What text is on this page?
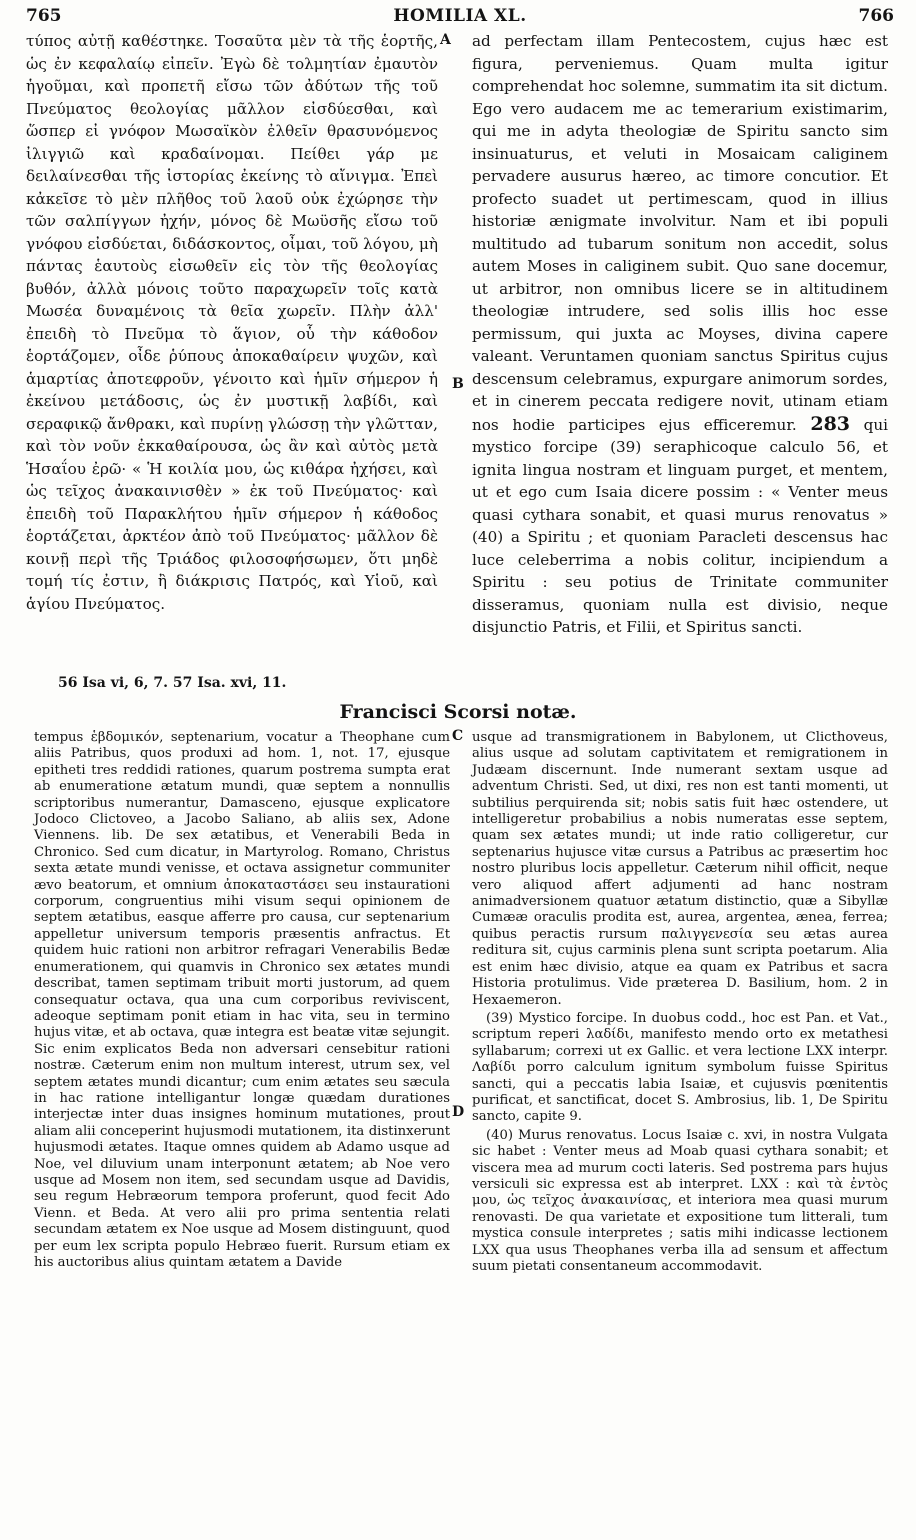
765	HOMILIA XL.	766

τύπος αὐτῇ καθέστηκε. Τοσαῦτα μὲν τὰ τῆς ἑορτῆς, ὡς ἐν κεφαλαίῳ εἰπεῖν. Ἐγὼ δὲ τολμητίαν ἐμαυτὸν ἡγοῦμαι, καὶ προπετῆ εἴσω τῶν ἀδύτων τῆς τοῦ Πνεύματος θεολογίας μᾶλλον εἰσδύεσθαι, καὶ ὥσπερ εἰ γνόφον Μωσαϊκὸν ἐλθεῖν θρασυνόμενος ἰλιγγιῶ καὶ κραδαίνομαι. Πείθει γάρ με δειλαίνεσθαι τῆς ἱστορίας ἐκείνης τὸ αἴνιγμα. Ἐπεὶ κἀκεῖσε τὸ μὲν πλῆθος τοῦ λαοῦ οὐκ ἐχώρησε τὴν τῶν σαλπίγγων ἠχήν, μόνος δὲ Μωϋσῆς εἴσω τοῦ γνόφου εἰσδύεται, διδάσκοντος, οἶμαι, τοῦ λόγου, μὴ πάντας ἑαυτοὺς εἰσωθεῖν εἰς τὸν τῆς θεολογίας βυθόν, ἀλλὰ μόνοις τοῦτο παραχωρεῖν τοῖς κατὰ Μωσέα δυναμένοις τὰ θεῖα χωρεῖν. Πλὴν ἀλλ' ἐπειδὴ τὸ Πνεῦμα τὸ ἅγιον, οὗ τὴν κάθοδον ἑορτάζομεν, οἶδε ῥύπους ἀποκαθαίρειν ψυχῶν, καὶ ἁμαρτίας ἀποτεφροῦν, γένοιτο καὶ ἡμῖν σήμερον ἡ ἐκείνου μετάδοσις, ὡς ἐν μυστικῇ λαβίδι, καὶ σεραφικῷ ἄνθρακι, καὶ πυρίνῃ γλώσσῃ τὴν γλῶτταν, καὶ τὸν νοῦν ἐκκαθαίρουσα, ὡς ἂν καὶ αὐτὸς μετὰ Ἡσαΐου ἐρῶ· « Ἡ κοιλία μου, ὡς κιθάρα ἠχήσει, καὶ ὡς τεῖχος ἀνακαινισθὲν » ἐκ τοῦ Πνεύματος· καὶ ἐπειδὴ τοῦ Παρακλήτου ἡμῖν σήμερον ἡ κάθοδος ἑορτάζεται, ἀρκτέον ἀπὸ τοῦ Πνεύματος· μᾶλλον δὲ κοινῇ περὶ τῆς Τριάδος φιλοσοφήσωμεν, ὅτι μηδὲ τομή τίς ἐστιν, ἢ διάκρισις Πατρός, καὶ Υἱοῦ, καὶ ἁγίου Πνεύματος.

A
B

ad perfectam illam Pentecostem, cujus hæc est figura, perveniemus. Quam multa igitur comprehendat hoc solemne, summatim ita sit dictum. Ego vero audacem me ac temerarium existimarim, qui me in adyta theologiæ de Spiritu sancto sim insinuaturus, et veluti in Mosaicam caliginem pervadere ausurus hæreo, ac timore concutior. Et profecto suadet ut pertimescam, quod in illius historiæ ænigmate involvitur. Nam et ibi populi multitudo ad tubarum sonitum non accedit, solus autem Moses in caliginem subit. Quo sane docemur, ut arbitror, non omnibus licere se in altitudinem theologiæ intrudere, sed solis illis hoc esse permissum, qui juxta ac Moyses, divina capere valeant. Veruntamen quoniam sanctus Spiritus cujus descensum celebramus, expurgare animorum sordes, et in cinerem peccata redigere novit, utinam etiam nos hodie participes ejus efficeremur. 283 qui mystico forcipe (39) seraphicoque calculo 56, et ignita lingua nostram et linguam purget, et mentem, ut et ego cum Isaia dicere possim : « Venter meus quasi cythara sonabit, et quasi murus renovatus » (40) a Spiritu ; et quoniam Paracleti descensus hac luce celeberrima a nobis colitur, incipiendum a Spiritu : seu potius de Trinitate communiter disseramus, quoniam nulla est divisio, neque disjunctio Patris, et Filii, et Spiritus sancti.

56 Isa vi, 6, 7. 57 Isa. xvi, 11.
Francisci Scorsi notæ.
C
D

tempus ἑβδομικόν, septenarium, vocatur a Theophane cum aliis Patribus, quos produxi ad hom. 1, not. 17, ejusque epitheti tres reddidi rationes, quarum postrema sumpta erat ab enumeratione ætatum mundi, quæ septem a nonnullis scriptoribus numerantur, Damasceno, ejusque explicatore Jodoco Clictoveo, a Jacobo Saliano, ab aliis sex, Adone Viennens. lib. De sex ætatibus, et Venerabili Beda in Chronico. Sed cum dicatur, in Martyrolog. Romano, Christus sexta ætate mundi venisse, et octava assignetur communiter ævo beatorum, et omnium ἀποκαταστάσει seu instaurationi corporum, congruentius mihi visum sequi opinionem de septem ætatibus, easque afferre pro causa, cur septenarium appelletur universum temporis præsentis anfractus. Et quidem huic rationi non arbitror refragari Venerabilis Bedæ enumerationem, qui quamvis in Chronico sex ætates mundi describat, tamen septimam tribuit morti justorum, ad quem consequatur octava, qua una cum corporibus reviviscent, adeoque septimam ponit etiam in hac vita, seu in termino hujus vitæ, et ab octava, quæ integra est beatæ vitæ sejungit. Sic enim explicatos Beda non adversari censebitur rationi nostræ. Cæterum enim non multum interest, utrum sex, vel septem ætates mundi dicantur; cum enim ætates seu sæcula in hac ratione intelligantur longæ quædam durationes interjectæ inter duas insignes hominum mutationes, prout aliam alii conceperint hujusmodi mutationem, ita distinxerunt hujusmodi ætates. Itaque omnes quidem ab Adamo usque ad Noe, vel diluvium unam interponunt ætatem; ab Noe vero usque ad Mosem non item, sed secundam usque ad Davidis, seu regum Hebræorum tempora proferunt, quod fecit Ado Vienn. et Beda. At vero alii pro prima sententia relati secundam ætatem ex Noe usque ad Mosem distinguunt, quod per eum lex scripta populo Hebræo fuerit. Rursum etiam ex his auctoribus alius quintam ætatem a Davide

usque ad transmigrationem in Babylonem, ut Clicthoveus, alius usque ad solutam captivitatem et remigrationem in Judæam discernunt. Inde numerant sextam usque ad adventum Christi. Sed, ut dixi, res non est tanti momenti, ut subtilius perquirenda sit; nobis satis fuit hæc ostendere, ut intelligeretur probabilius a nobis numeratas esse septem, quam sex ætates mundi; ut inde ratio colligeretur, cur septenarius hujusce vitæ cursus a Patribus ac præsertim hoc nostro pluribus locis appelletur. Cæterum nihil officit, neque vero aliquod affert adjumenti ad hanc nostram animadversionem quatuor ætatum distinctio, quæ a Sibyllæ Cumææ oraculis prodita est, aurea, argentea, ænea, ferrea; quibus peractis rursum παλιγγενεσία seu ætas aurea reditura sit, cujus carminis plena sunt scripta poetarum. Alia est enim hæc divisio, atque ea quam ex Patribus et sacra Historia protulimus. Vide præterea D. Basilium, hom. 2 in Hexaemeron.

(39) Mystico forcipe. In duobus codd., hoc est Pan. et Vat., scriptum reperi λαδίδι, manifesto mendo orto ex metathesi syllabarum; correxi ut ex Gallic. et vera lectione LXX interpr. Λαβίδι porro calculum ignitum symbolum fuisse Spiritus sancti, qui a peccatis labia Isaiæ, et cujusvis pœnitentis purificat, et sanctificat, docet S. Ambrosius, lib. 1, De Spiritu sancto, capite 9.

(40) Murus renovatus. Locus Isaiæ c. xvi, in nostra Vulgata sic habet : Venter meus ad Moab quasi cythara sonabit; et viscera mea ad murum cocti lateris. Sed postrema pars hujus versiculi sic expressa est ab interpret. LXX : καὶ τὰ ἐντὸς μου, ὡς τεῖχος ἀνακαινίσας, et interiora mea quasi murum renovasti. De qua varietate et expositione tum litterali, tum mystica consule interpretes ; satis mihi indicasse lectionem LXX qua usus Theophanes verba illa ad sensum et affectum suum pietati consentaneum accommodavit.
